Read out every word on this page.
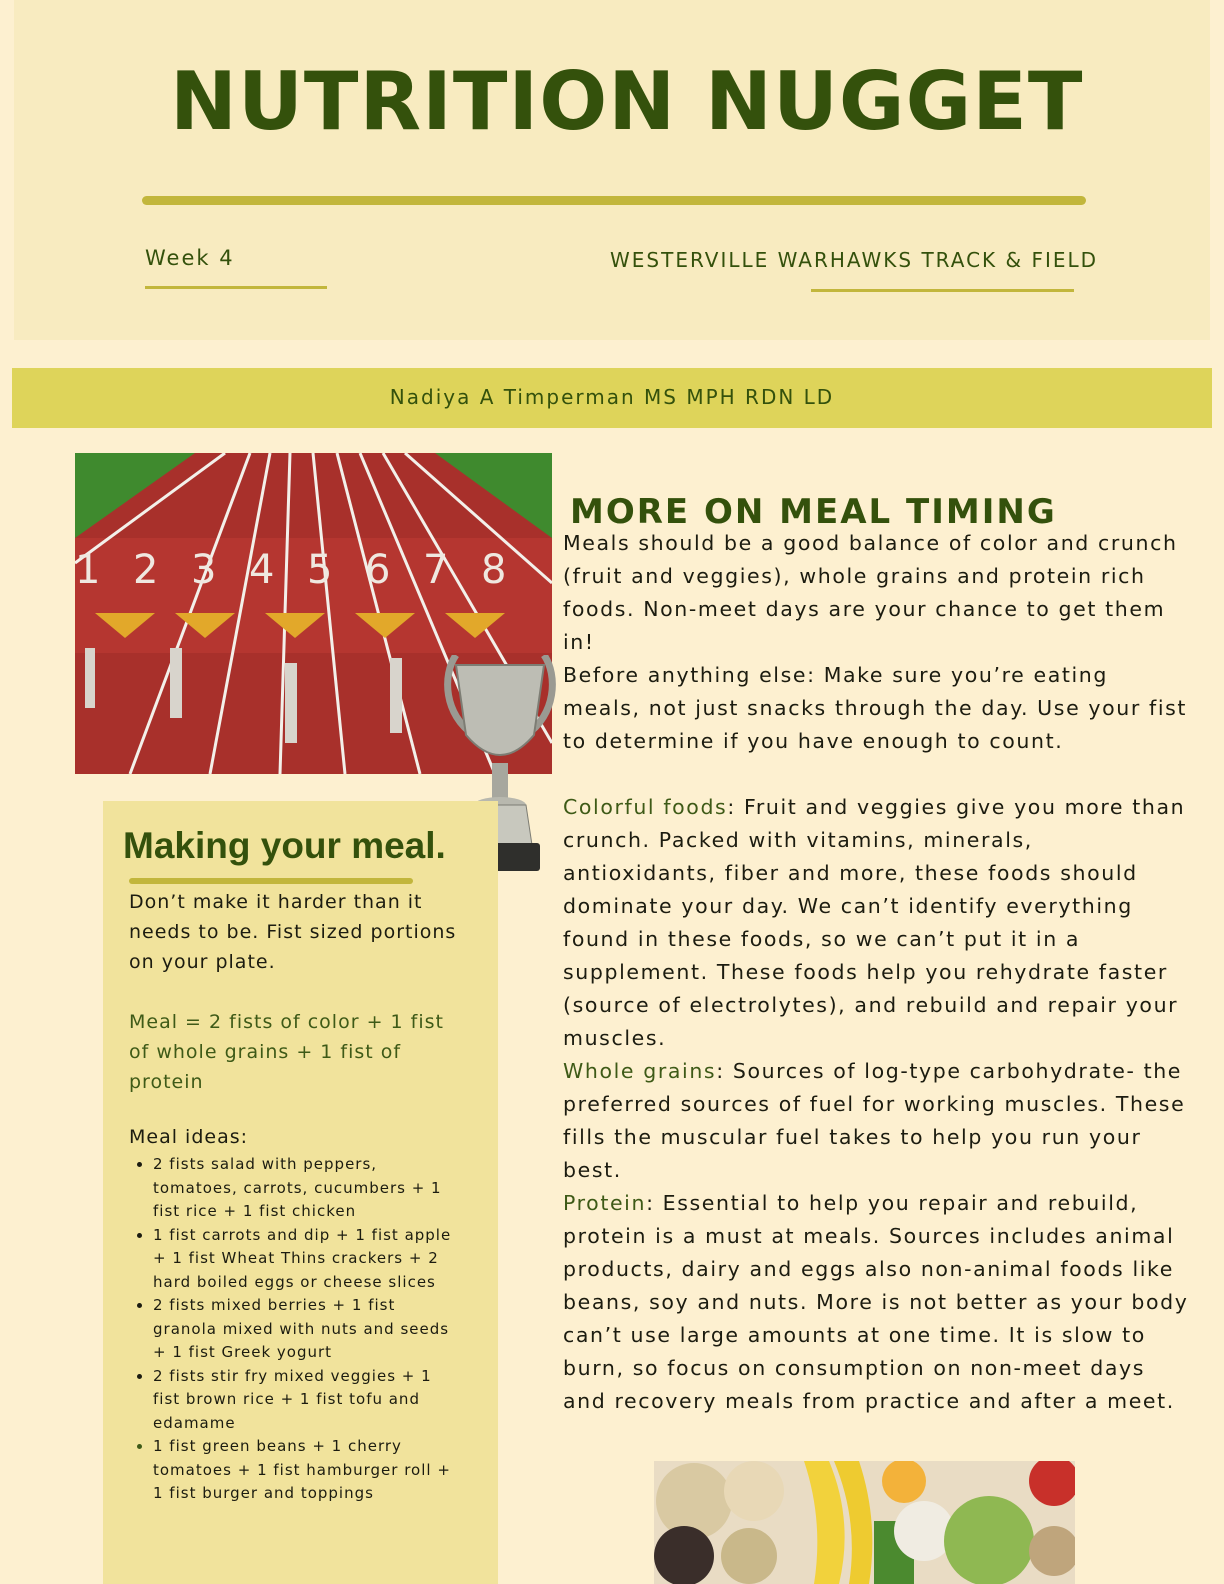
NUTRITION NUGGET
Week 4	WESTERVILLE WARHAWKS TRACK & FIELD
Nadiya A Timperman MS MPH RDN LD
1 2 3 4 5 6 7 8
Making your meal.

Don’t make it harder than it needs to be. Fist sized portions on your plate.

Meal = 2 fists of color + 1 fist of whole grains + 1 fist of protein

Meal ideas:

• 2 fists salad with peppers, tomatoes, carrots, cucumbers + 1 fist rice + 1 fist chicken
• 1 fist carrots and dip + 1 fist apple + 1 fist Wheat Thins crackers + 2 hard boiled eggs or cheese slices
• 2 fists mixed berries + 1 fist granola mixed with nuts and seeds + 1 fist Greek yogurt
• 2 fists stir fry mixed veggies + 1 fist brown rice + 1 fist tofu and edamame
• 1 fist green beans + 1 cherry tomatoes + 1 fist hamburger roll + 1 fist burger and toppings
MORE ON MEAL TIMING

Meals should be a good balance of color and crunch (fruit and veggies), whole grains and protein rich foods. Non-meet days are your chance to get them in!

Before anything else: Make sure you’re eating meals, not just snacks through the day. Use your fist to determine if you have enough to count.

Colorful foods: Fruit and veggies give you more than crunch. Packed with vitamins, minerals, antioxidants, fiber and more, these foods should dominate your day. We can’t identify everything found in these foods, so we can’t put it in a supplement. These foods help you rehydrate faster (source of electrolytes), and rebuild and repair your muscles.

Whole grains: Sources of log-type carbohydrate- the preferred sources of fuel for working muscles. These fills the muscular fuel takes to help you run your best.

Protein: Essential to help you repair and rebuild, protein is a must at meals. Sources includes animal products, dairy and eggs also non-animal foods like beans, soy and nuts. More is not better as your body can’t use large amounts at one time. It is slow to burn, so focus on consumption on non-meet days and recovery meals from practice and after a meet.
